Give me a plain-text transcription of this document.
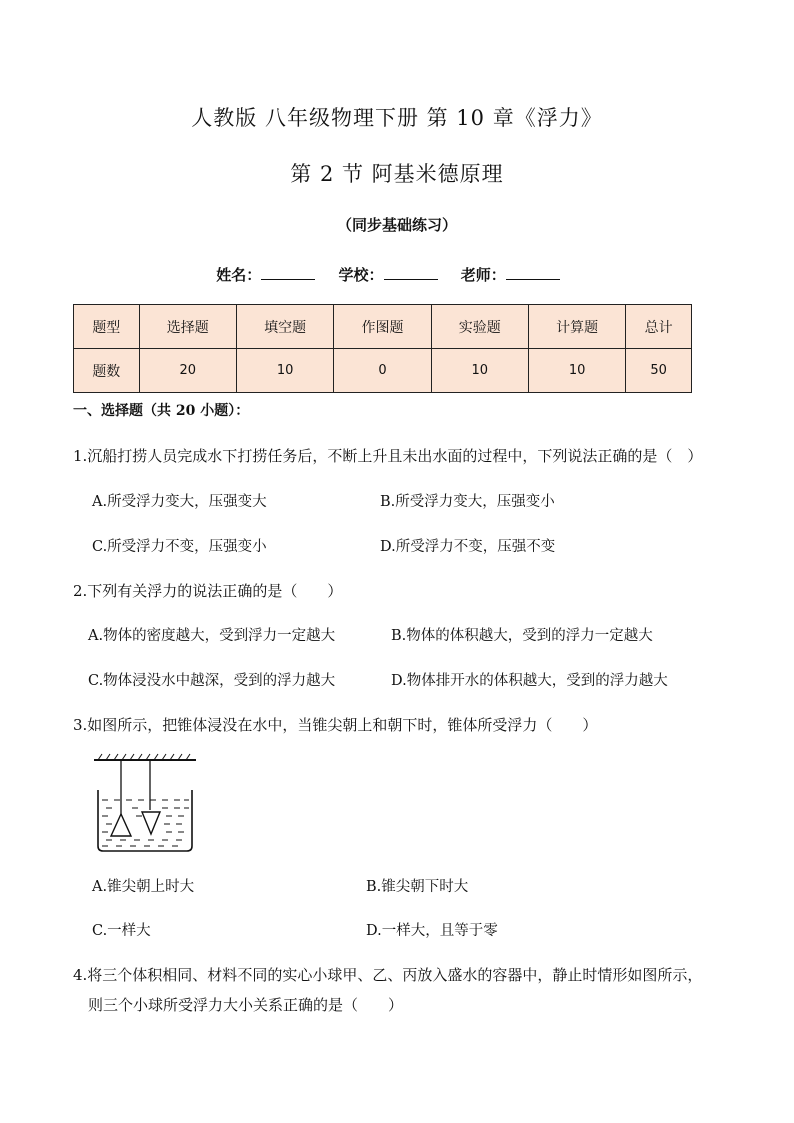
人教版 八年级物理下册 第 10 章《浮力》
第 2 节 阿基米德原理
（同步基础练习）
姓名：	学校：	老师：
题型	选择题	填空题	作图题	实验题	计算题	总计
题数	20	10	0	10	10	50
一、选择题（共 20 小题）：
1.沉船打捞人员完成水下打捞任务后，不断上升且未出水面的过程中，下列说法正确的是（　）
A.所受浮力变大，压强变大	B.所受浮力变大，压强变小
C.所受浮力不变，压强变小	D.所受浮力不变，压强不变
2.下列有关浮力的说法正确的是（　　）
A.物体的密度越大，受到浮力一定越大	B.物体的体积越大，受到的浮力一定越大
C.物体浸没水中越深，受到的浮力越大	D.物体排开水的体积越大，受到的浮力越大
3.如图所示，把锥体浸没在水中，当锥尖朝上和朝下时，锥体所受浮力（　　）
A.锥尖朝上时大	B.锥尖朝下时大
C.一样大	D.一样大，且等于零
4.将三个体积相同、材料不同的实心小球甲、乙、丙放入盛水的容器中，静止时情形如图所示，
则三个小球所受浮力大小关系正确的是（　　）
